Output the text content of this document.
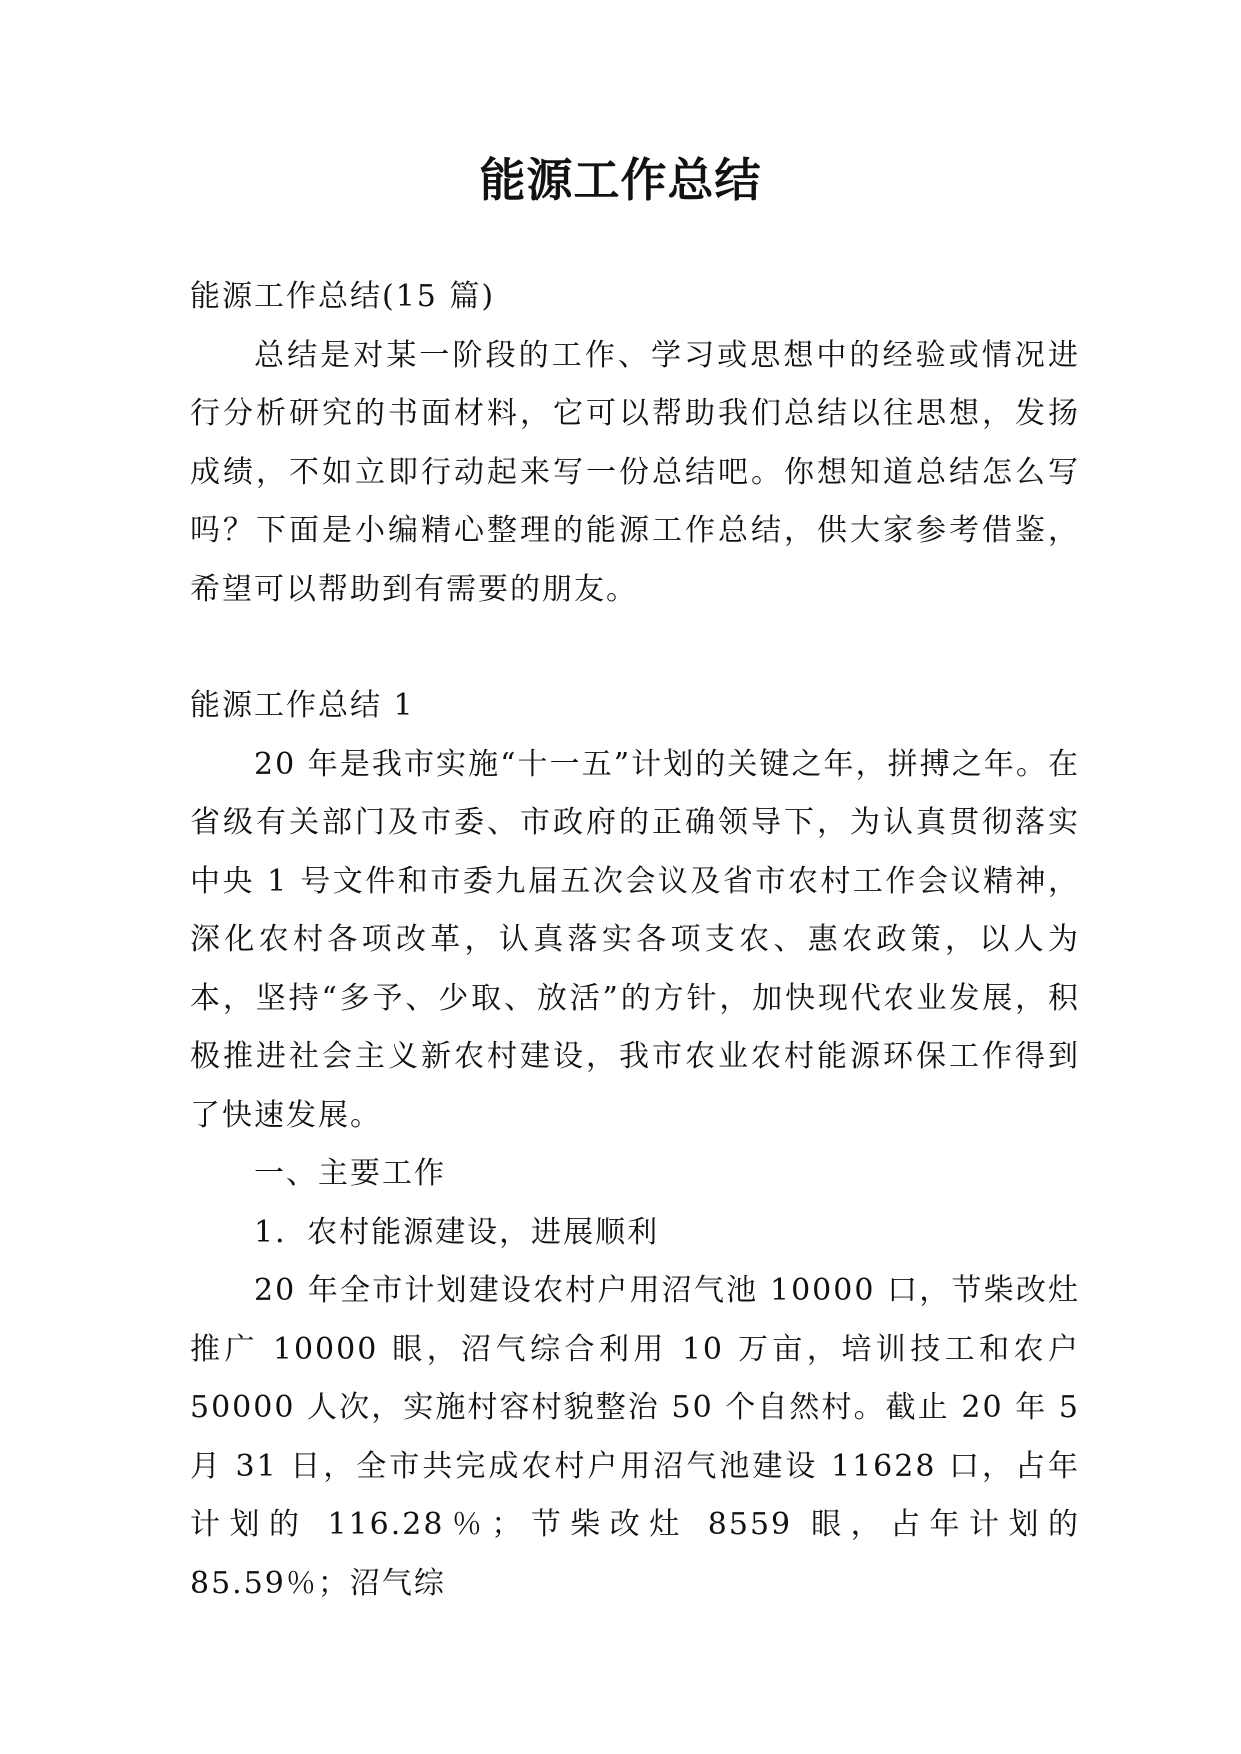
能源工作总结

能源工作总结(15 篇)

总结是对某一阶段的工作、学习或思想中的经验或情况进行分析研究的书面材料，它可以帮助我们总结以往思想，发扬成绩，不如立即行动起来写一份总结吧。你想知道总结怎么写吗？下面是小编精心整理的能源工作总结，供大家参考借鉴，希望可以帮助到有需要的朋友。

能源工作总结 1

20 年是我市实施“十一五”计划的关键之年，拼搏之年。在省级有关部门及市委、市政府的正确领导下，为认真贯彻落实中央 1 号文件和市委九届五次会议及省市农村工作会议精神，深化农村各项改革，认真落实各项支农、惠农政策，以人为本，坚持“多予、少取、放活”的方针，加快现代农业发展，积极推进社会主义新农村建设，我市农业农村能源环保工作得到了快速发展。

一、主要工作

1．农村能源建设，进展顺利

20 年全市计划建设农村户用沼气池 10000 口，节柴改灶推广 10000 眼，沼气综合利用 10 万亩，培训技工和农户 50000 人次，实施村容村貌整治 50 个自然村。截止 20 年 5 月 31 日，全市共完成农村户用沼气池建设 11628 口，占年计划的 116.28％；节柴改灶 8559 眼，占年计划的 85.59％；沼气综
